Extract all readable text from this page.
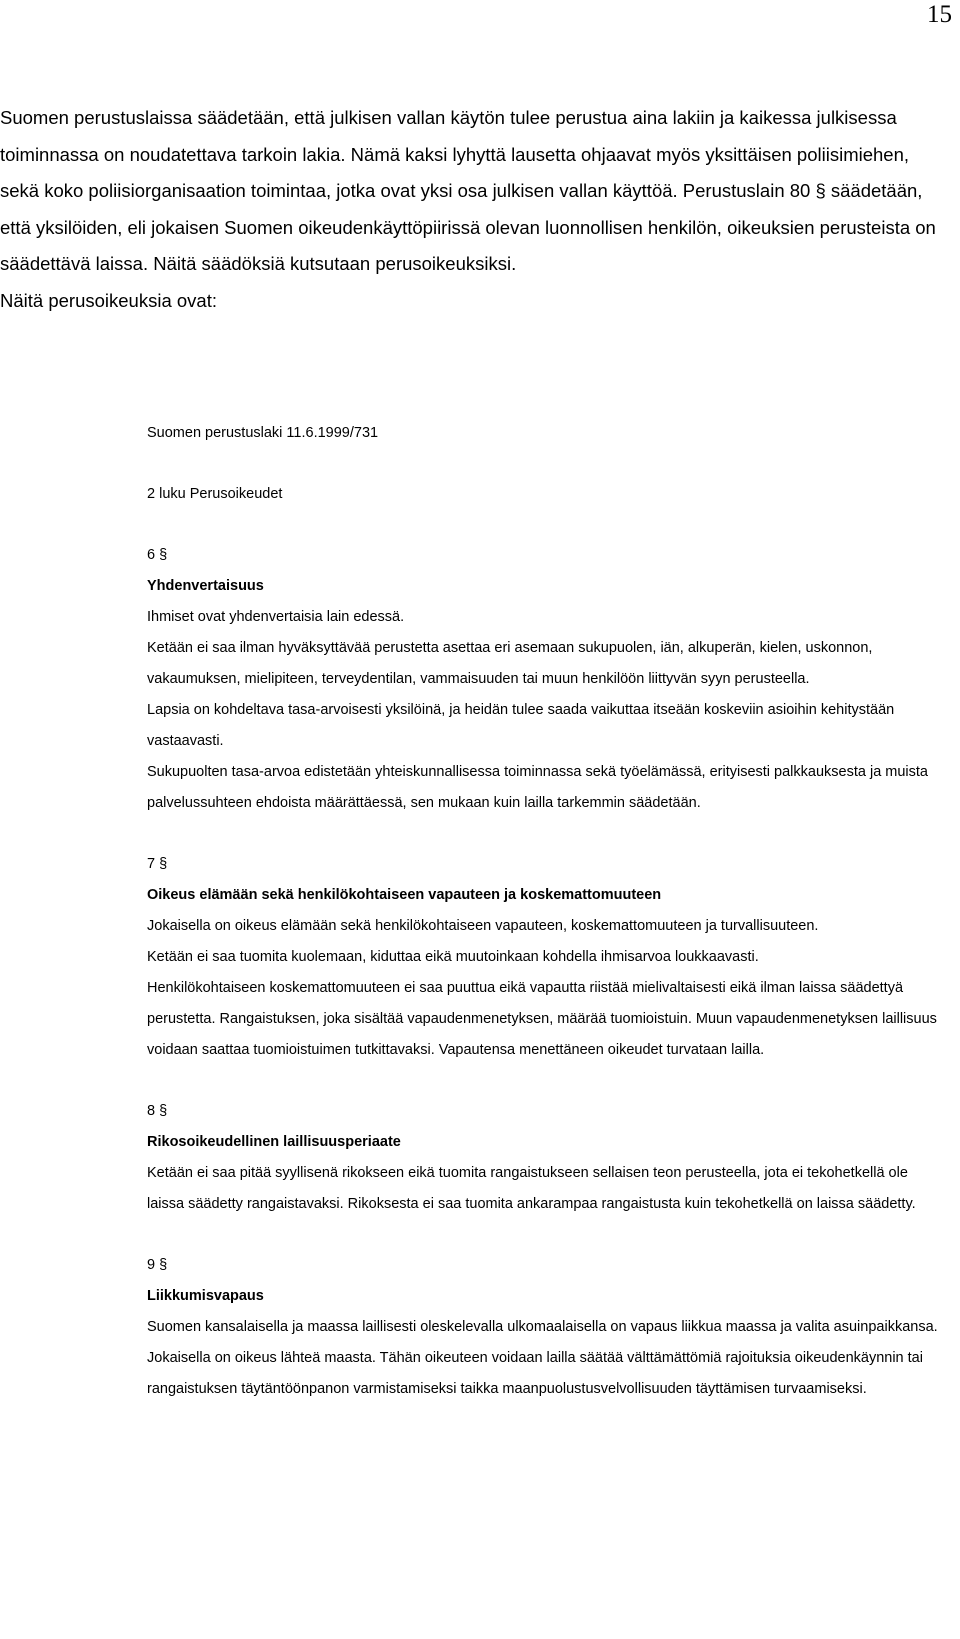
15

Suomen perustuslaissa säädetään, että julkisen vallan käytön tulee perustua aina lakiin ja kaikessa julkisessa toiminnassa on noudatettava tarkoin lakia. Nämä kaksi lyhyttä lausetta ohjaavat myös yksittäisen poliisimiehen, sekä koko poliisiorganisaation toimintaa, jotka ovat yksi osa julkisen vallan käyttöä. Perustuslain 80 § säädetään, että yksilöiden, eli jokaisen Suomen oikeudenkäyttöpiirissä olevan luonnollisen henkilön, oikeuksien perusteista on säädettävä laissa. Näitä säädöksiä kutsutaan perusoikeuksiksi.

Näitä perusoikeuksia ovat:

Suomen perustuslaki 11.6.1999/731

2 luku Perusoikeudet

6 §

Yhdenvertaisuus

Ihmiset ovat yhdenvertaisia lain edessä.

Ketään ei saa ilman hyväksyttävää perustetta asettaa eri asemaan sukupuolen, iän, alkuperän, kielen, uskonnon, vakaumuksen, mielipiteen, terveydentilan, vammaisuuden tai muun henkilöön liittyvän syyn perusteella.

Lapsia on kohdeltava tasa-arvoisesti yksilöinä, ja heidän tulee saada vaikuttaa itseään koskeviin asioihin kehitystään vastaavasti.

Sukupuolten tasa-arvoa edistetään yhteiskunnallisessa toiminnassa sekä työelämässä, erityisesti palkkauksesta ja muista palvelussuhteen ehdoista määrättäessä, sen mukaan kuin lailla tarkemmin säädetään.

7 §

Oikeus elämään sekä henkilökohtaiseen vapauteen ja koskemattomuuteen

Jokaisella on oikeus elämään sekä henkilökohtaiseen vapauteen, koskemattomuuteen ja turvallisuuteen.

Ketään ei saa tuomita kuolemaan, kiduttaa eikä muutoinkaan kohdella ihmisarvoa loukkaavasti.

Henkilökohtaiseen koskemattomuuteen ei saa puuttua eikä vapautta riistää mielivaltaisesti eikä ilman laissa säädettyä perustetta. Rangaistuksen, joka sisältää vapaudenmenetyksen, määrää tuomioistuin. Muun vapaudenmenetyksen laillisuus voidaan saattaa tuomioistuimen tutkittavaksi. Vapautensa menettäneen oikeudet turvataan lailla.

8 §

Rikosoikeudellinen laillisuusperiaate

Ketään ei saa pitää syyllisenä rikokseen eikä tuomita rangaistukseen sellaisen teon perusteella, jota ei tekohetkellä ole laissa säädetty rangaistavaksi. Rikoksesta ei saa tuomita ankarampaa rangaistusta kuin tekohetkellä on laissa säädetty.

9 §

Liikkumisvapaus

Suomen kansalaisella ja maassa laillisesti oleskelevalla ulkomaalaisella on vapaus liikkua maassa ja valita asuinpaikkansa.

Jokaisella on oikeus lähteä maasta. Tähän oikeuteen voidaan lailla säätää välttämättömiä rajoituksia oikeudenkäynnin tai rangaistuksen täytäntöönpanon varmistamiseksi taikka maanpuolustusvelvollisuuden täyttämisen turvaamiseksi.
